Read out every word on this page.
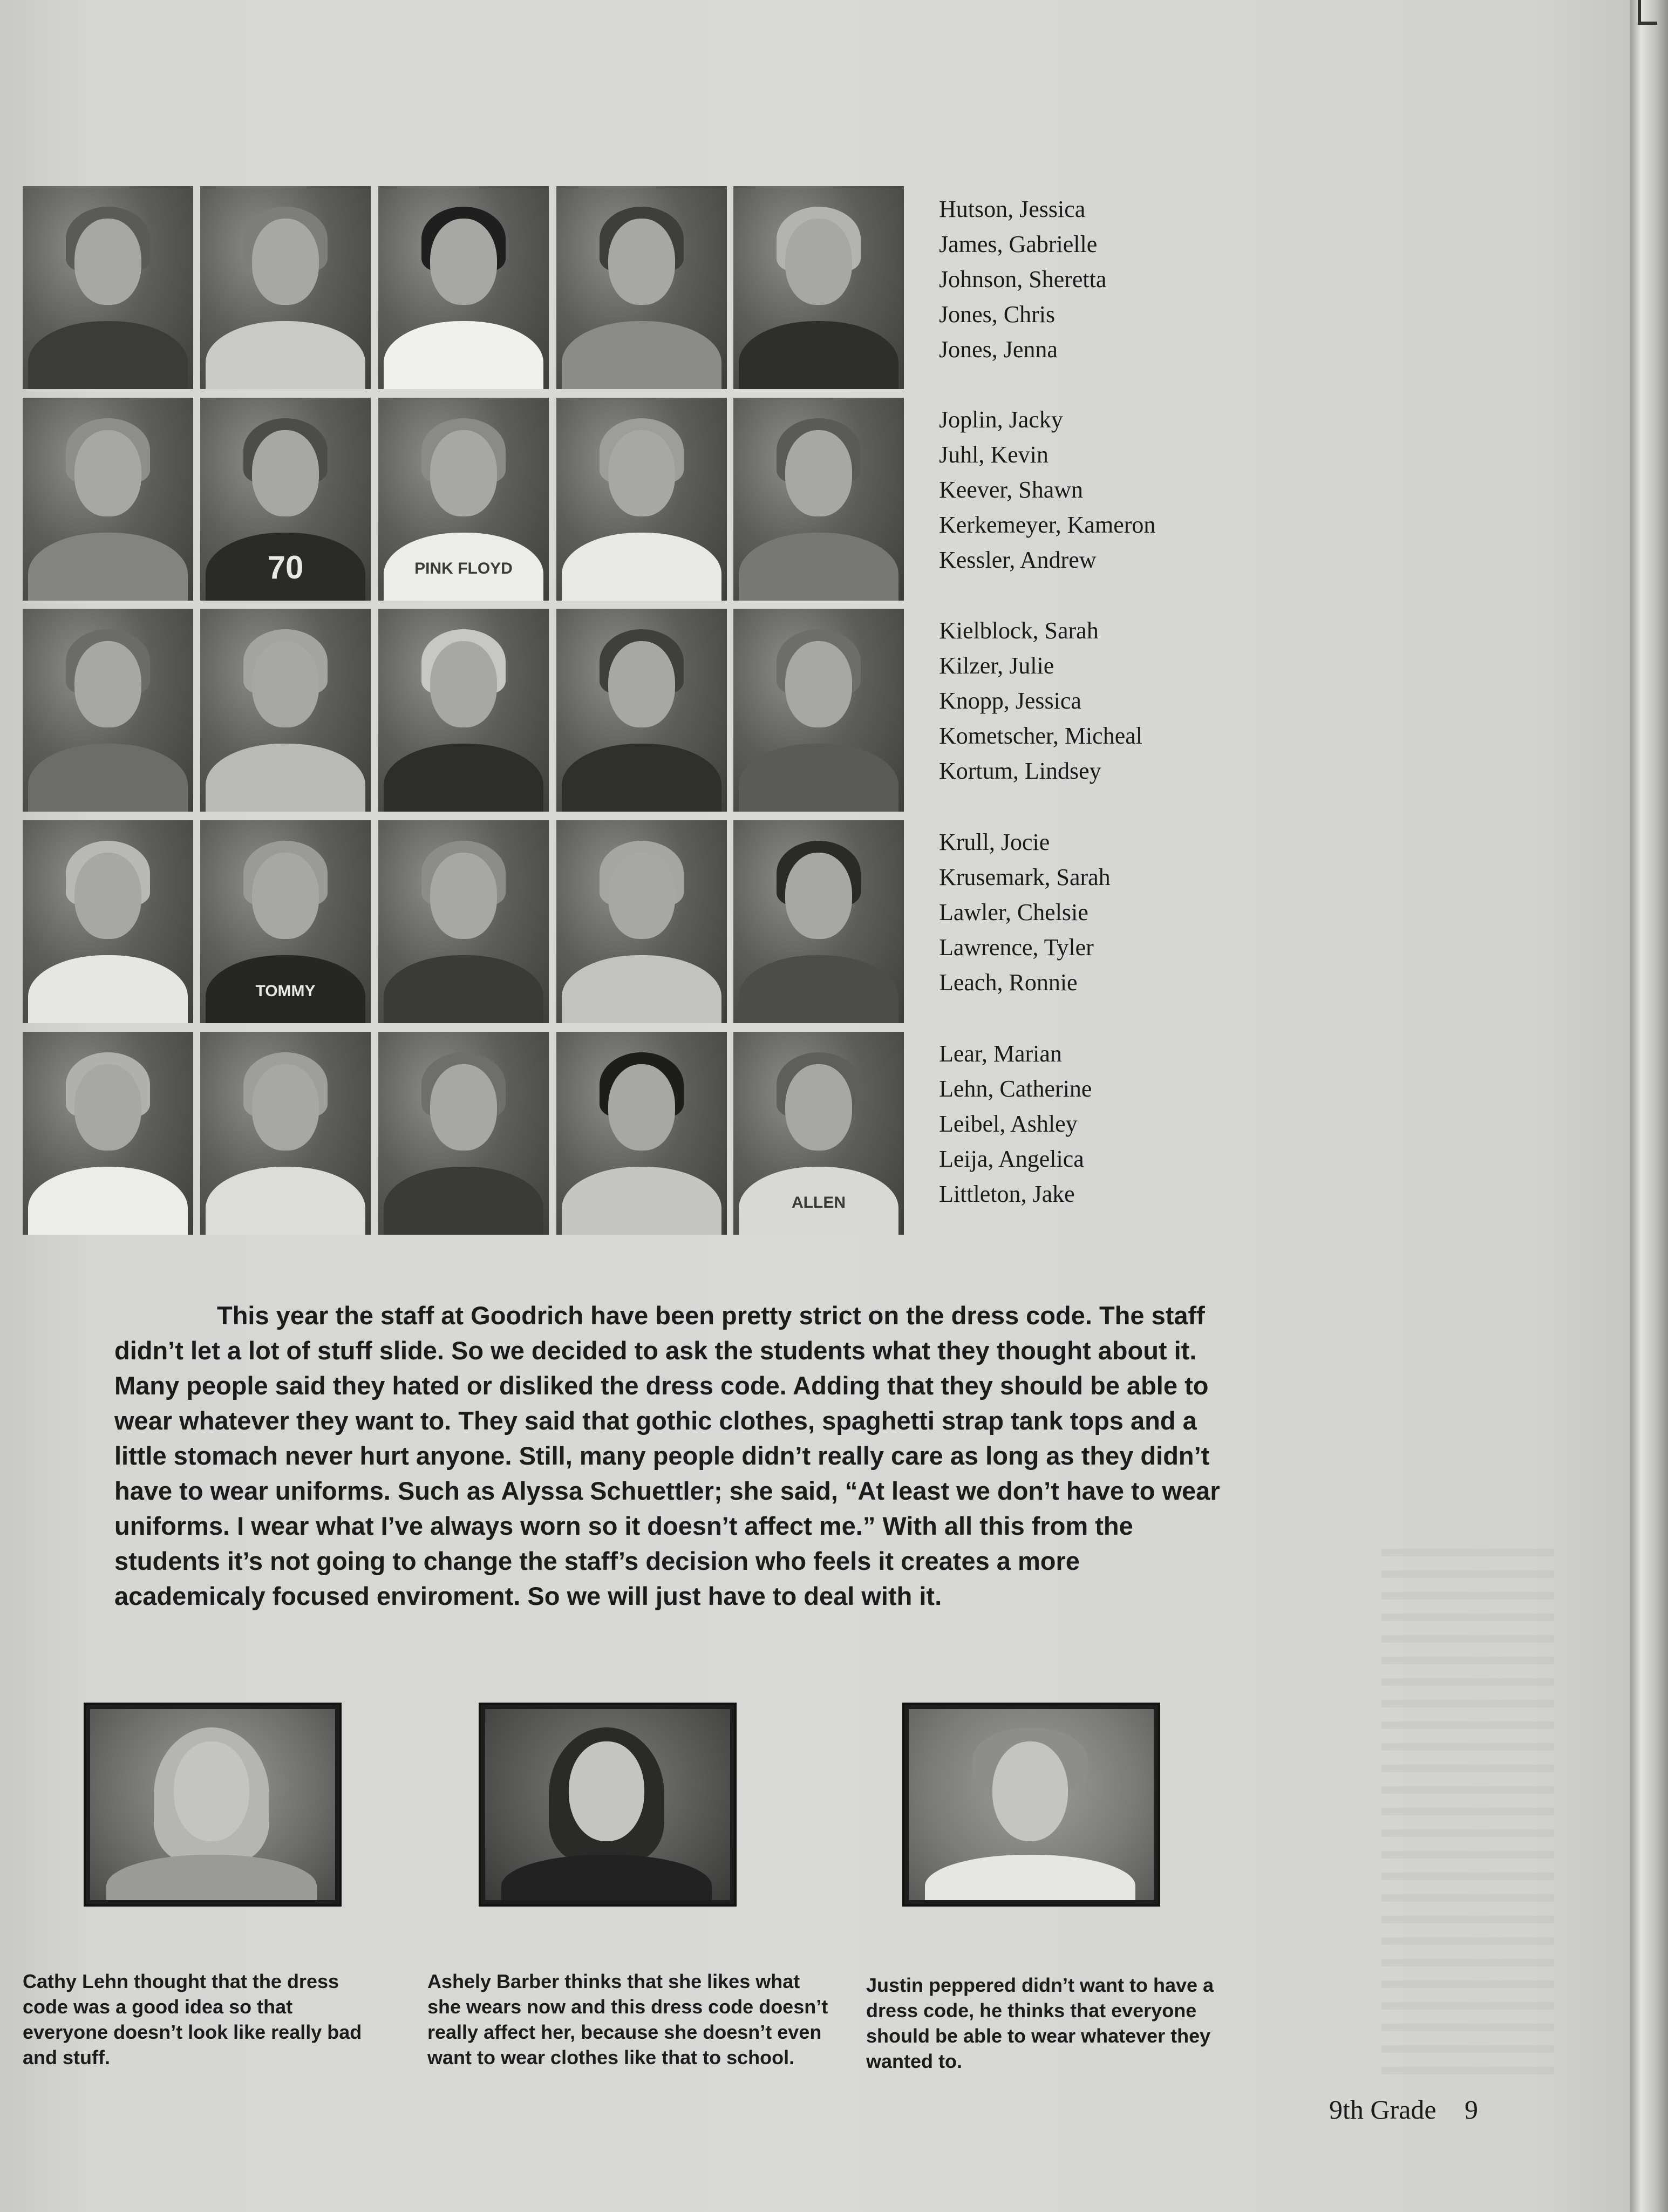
70	PINK FLOYD
TOMMY
ALLEN
Hutson, Jessica
James, Gabrielle
Johnson, Sheretta
Jones, Chris
Jones, Jenna
Joplin, Jacky
Juhl, Kevin
Keever, Shawn
Kerkemeyer, Kameron
Kessler, Andrew
Kielblock, Sarah
Kilzer, Julie
Knopp, Jessica
Kometscher, Micheal
Kortum, Lindsey
Krull, Jocie
Krusemark, Sarah
Lawler, Chelsie
Lawrence, Tyler
Leach, Ronnie
Lear, Marian
Lehn, Catherine
Leibel, Ashley
Leija, Angelica
Littleton, Jake

This year the staff at Goodrich have been pretty strict on the dress code. The staff didn’t let a lot of stuff slide. So we decided to ask the students what they thought about it. Many people said they hated or disliked the dress code. Adding that they should be able to wear whatever they want to. They said that gothic clothes, spaghetti strap tank tops and a little stomach never hurt anyone. Still, many people didn’t really care as long as they didn’t have to wear uniforms. Such as Alyssa Schuettler; she said, “At least we don’t have to wear uniforms. I wear what I’ve always worn so it doesn’t affect me.” With all this from the students it’s not going to change the staff’s decision who feels it creates a more academicaly focused enviroment. So we will just have to deal with it.

Cathy Lehn thought that the dress code was a good idea so that everyone doesn’t look like really bad and stuff.
Ashely Barber thinks that she likes what she wears now and this dress code doesn’t really affect her, because she doesn’t even want to wear clothes like that to school.
Justin peppered didn’t want to have a dress code, he thinks that everyone should be able to wear whatever they wanted to.
9th Grade 9
